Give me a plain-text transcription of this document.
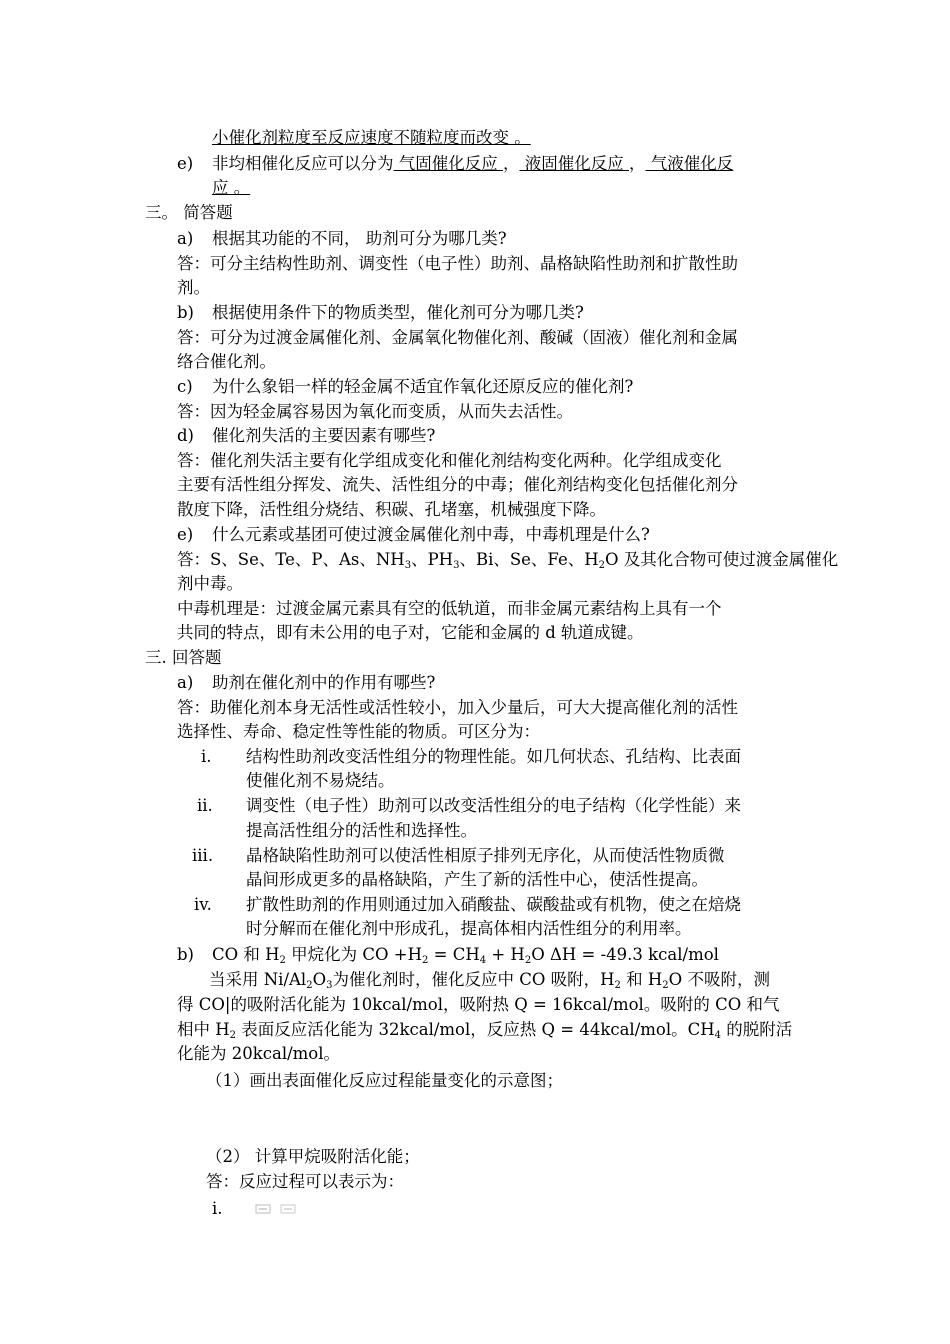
小催化剂粒度至反应速度不随粒度而改变 。
e) 非均相催化反应可以分为 气固催化反应 ， 液固催化反应 ， 气液催化反
应 。
三。 简答题
a) 根据其功能的不同， 助剂可分为哪几类?
答：可分主结构性助剂、调变性（电子性）助剂、晶格缺陷性助剂和扩散性助
剂。
b) 根据使用条件下的物质类型，催化剂可分为哪几类?
答：可分为过渡金属催化剂、金属氧化物催化剂、酸碱（固液）催化剂和金属
络合催化剂。
c) 为什么象铝一样的轻金属不适宜作氧化还原反应的催化剂?
答：因为轻金属容易因为氧化而变质，从而失去活性。
d) 催化剂失活的主要因素有哪些?
答：催化剂失活主要有化学组成变化和催化剂结构变化两种。化学组成变化
主要有活性组分挥发、流失、活性组分的中毒；催化剂结构变化包括催化剂分
散度下降，活性组分烧结、积碳、孔堵塞，机械强度下降。
e) 什么元素或基团可使过渡金属催化剂中毒，中毒机理是什么?
答：S、Se、Te、P、As、$NH_3$、$PH_3$、Bi、Se、Fe、$H_2O$ 及其化合物可使过渡金属催化
剂中毒。
中毒机理是：过渡金属元素具有空的低轨道，而非金属元素结构上具有一个
共同的特点，即有未公用的电子对，它能和金属的 d 轨道成键。
三. 回答题
a) 助剂在催化剂中的作用有哪些?
答：助催化剂本身无活性或活性较小，加入少量后，可大大提高催化剂的活性
选择性、寿命、稳定性等性能的物质。可区分为：
i. 结构性助剂改变活性组分的物理性能。如几何状态、孔结构、比表面
使催化剂不易烧结。
ii. 调变性（电子性）助剂可以改变活性组分的电子结构（化学性能）来
提高活性组分的活性和选择性。
iii. 晶格缺陷性助剂可以使活性相原子排列无序化，从而使活性物质微
晶间形成更多的晶格缺陷，产生了新的活性中心，使活性提高。
iv. 扩散性助剂的作用则通过加入硝酸盐、碳酸盐或有机物，使之在焙烧
时分解而在催化剂中形成孔，提高体相内活性组分的利用率。
b) CO 和 $H_2$ 甲烷化为 CO $+H_2 = CH_4 + H_2O$ ΔH = -49.3 kcal/mol
当采用 $Ni/Al_2O_3$为催化剂时，催化反应中 CO 吸附，$H_2$ 和 $H_2O$ 不吸附，测
得 CO|的吸附活化能为 10kcal/mol，吸附热 Q = 16kcal/mol。吸附的 CO 和气
相中 $H_2$ 表面反应活化能为 32kcal/mol，反应热 Q = 44kcal/mol。$CH_4$ 的脱附活
化能为 20kcal/mol。
（1）画出表面催化反应过程能量变化的示意图；
（2） 计算甲烷吸附活化能；
答：反应过程可以表示为：
i.
